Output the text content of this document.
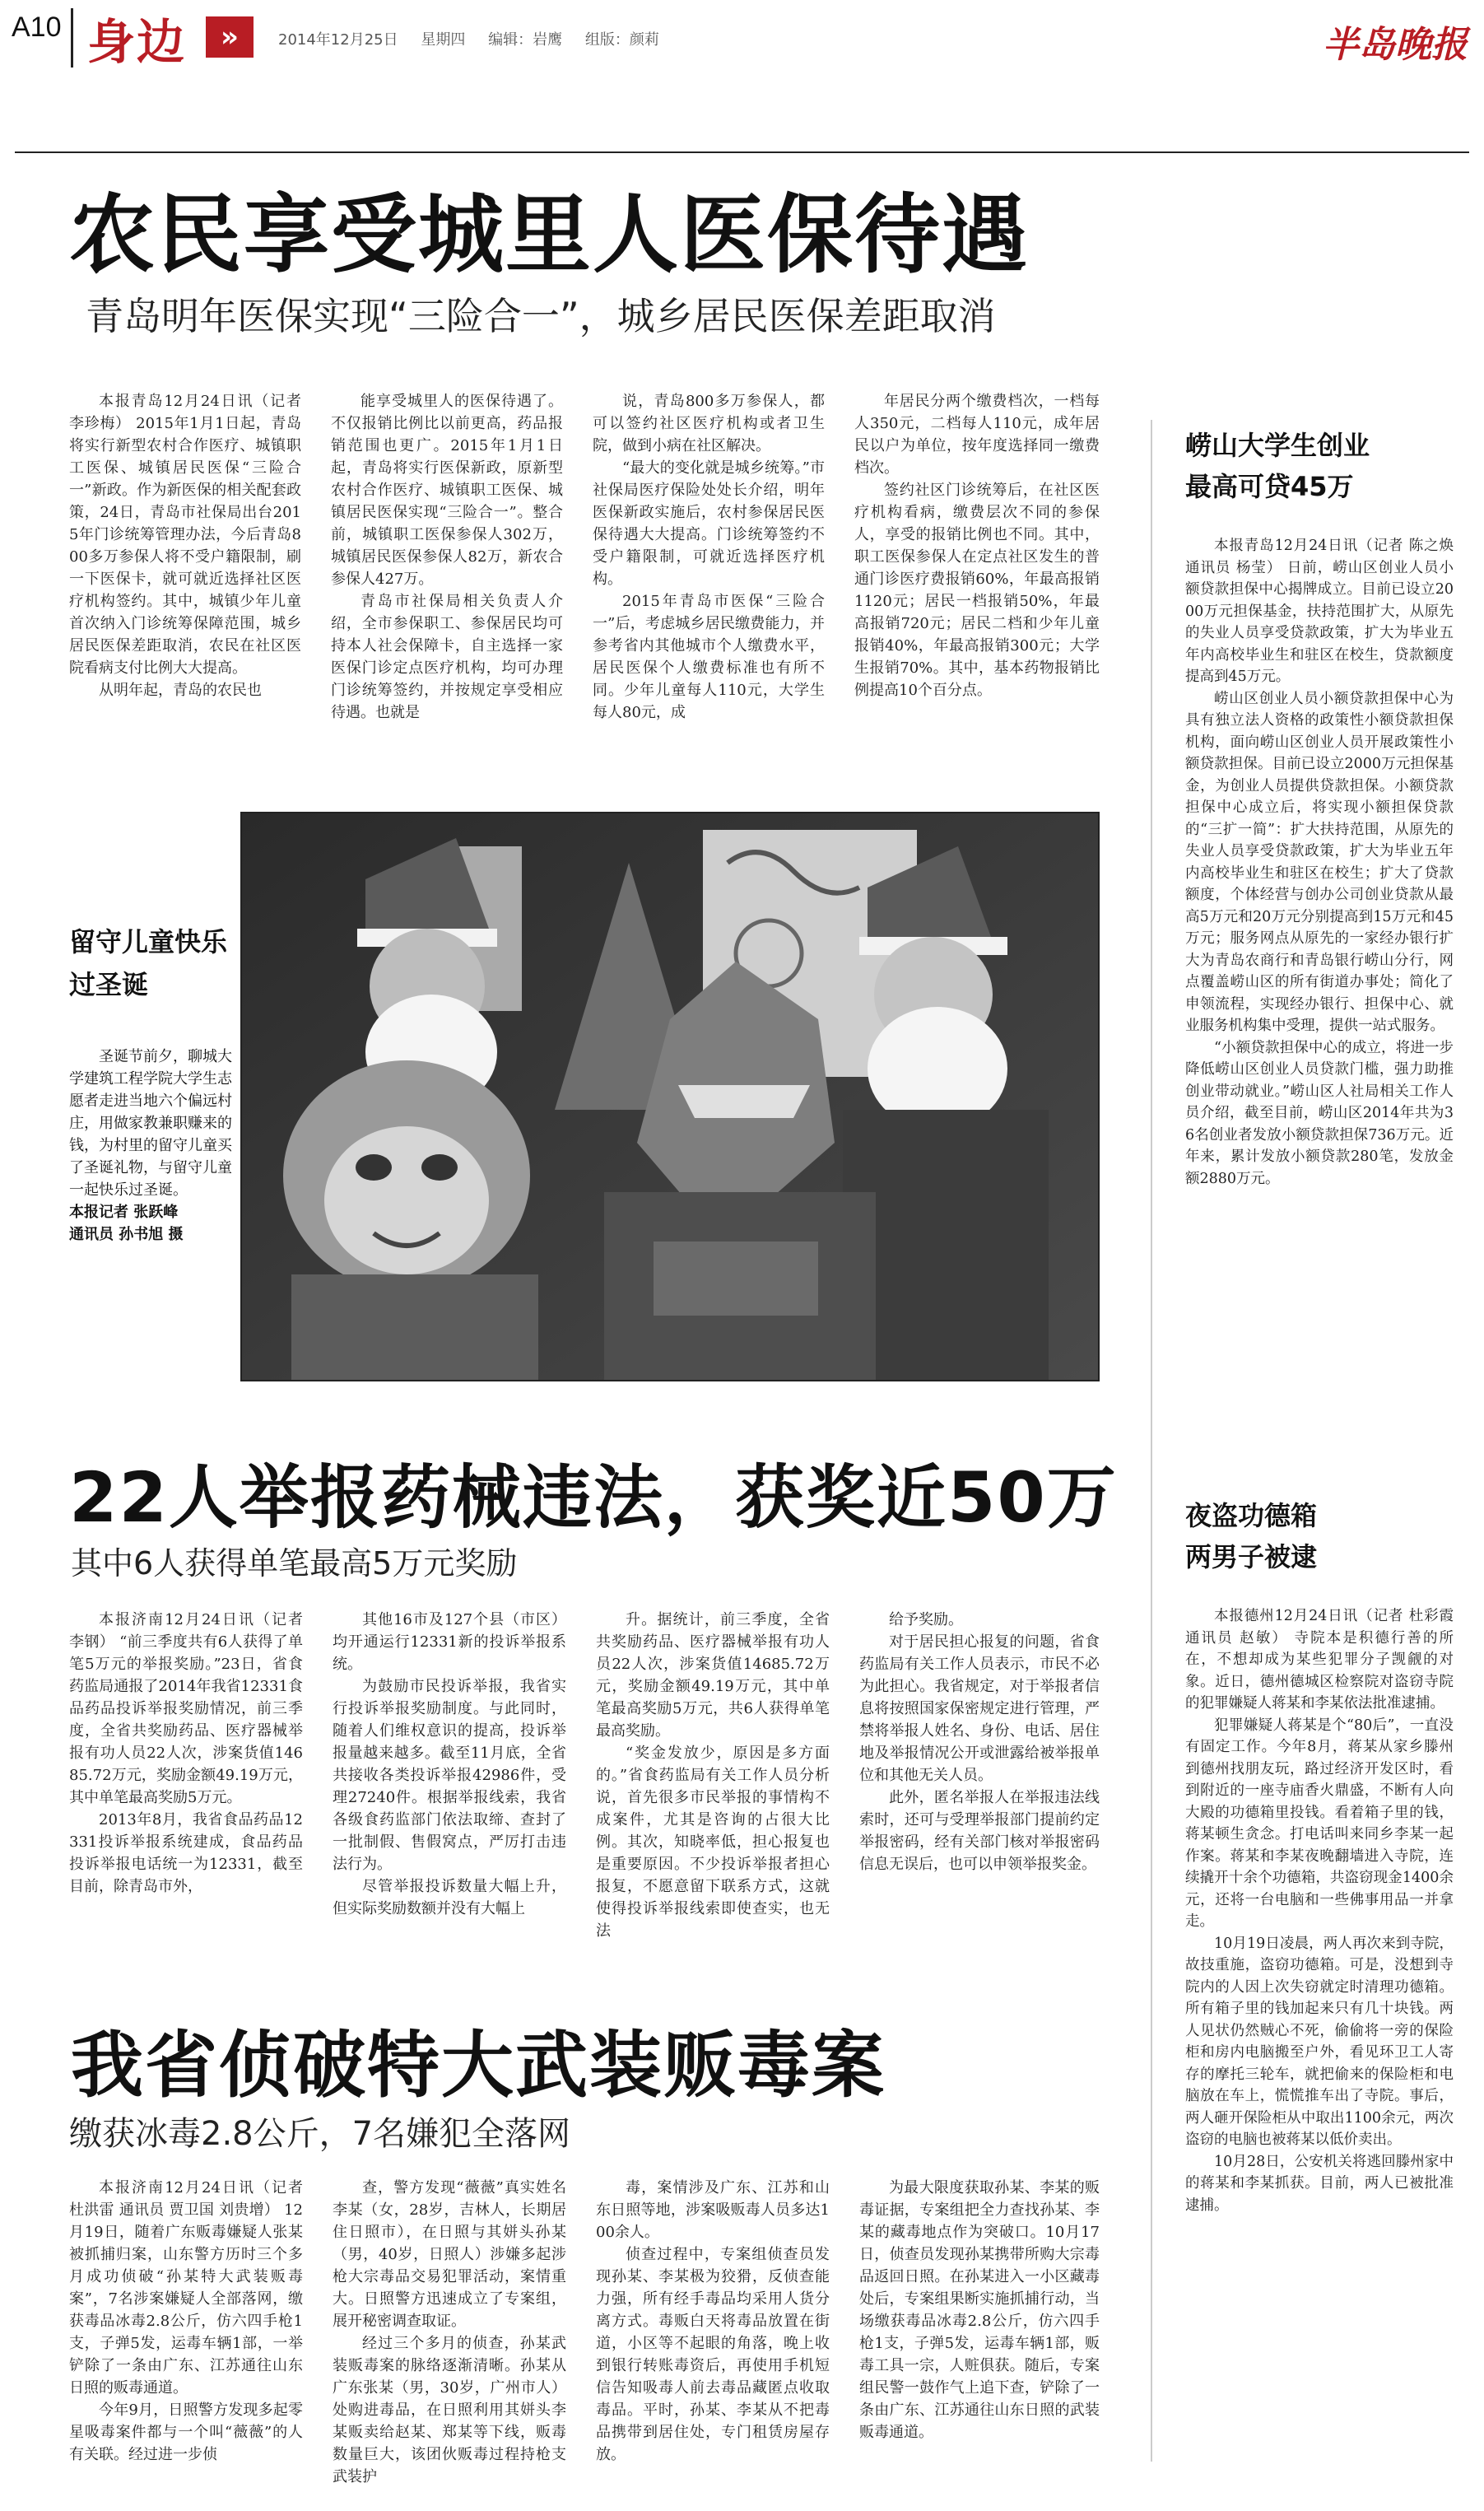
A10 身边	»	2014年12月25日 星期四 编辑：岩鹰 组版：颜莉	半岛晚报
农民享受城里人医保待遇
青岛明年医保实现“三险合一”，城乡居民医保差距取消

本报青岛12月24日讯（记者 李珍梅） 2015年1月1日起，青岛将实行新型农村合作医疗、城镇职工医保、城镇居民医保“三险合一”新政。作为新医保的相关配套政策，24日，青岛市社保局出台2015年门诊统筹管理办法，今后青岛800多万参保人将不受户籍限制，刷一下医保卡，就可就近选择社区医疗机构签约。其中，城镇少年儿童首次纳入门诊统筹保障范围，城乡居民医保差距取消，农民在社区医院看病支付比例大大提高。

从明年起，青岛的农民也

能享受城里人的医保待遇了。不仅报销比例比以前更高，药品报销范围也更广。2015年1月1日起，青岛将实行医保新政，原新型农村合作医疗、城镇职工医保、城镇居民医保实现“三险合一”。整合前，城镇职工医保参保人302万，城镇居民医保参保人82万，新农合参保人427万。

青岛市社保局相关负责人介绍，全市参保职工、参保居民均可持本人社会保障卡，自主选择一家医保门诊定点医疗机构，均可办理门诊统筹签约，并按规定享受相应待遇。也就是

说，青岛800多万参保人，都可以签约社区医疗机构或者卫生院，做到小病在社区解决。

“最大的变化就是城乡统筹。”市社保局医疗保险处处长介绍，明年医保新政实施后，农村参保居民医保待遇大大提高。门诊统筹签约不受户籍限制，可就近选择医疗机构。

2015年青岛市医保“三险合一”后，考虑城乡居民缴费能力，并参考省内其他城市个人缴费水平，居民医保个人缴费标准也有所不同。少年儿童每人110元，大学生每人80元，成

年居民分两个缴费档次，一档每人350元，二档每人110元，成年居民以户为单位，按年度选择同一缴费档次。

签约社区门诊统筹后，在社区医疗机构看病，缴费层次不同的参保人，享受的报销比例也不同。其中，职工医保参保人在定点社区发生的普通门诊医疗费报销60%，年最高报销1120元；居民一档报销50%，年最高报销720元；居民二档和少年儿童报销40%，年最高报销300元；大学生报销70%。其中，基本药物报销比例提高10个百分点。

留守儿童快乐过圣诞

圣诞节前夕，聊城大学建筑工程学院大学生志愿者走进当地六个偏远村庄，用做家教兼职赚来的钱，为村里的留守儿童买了圣诞礼物，与留守儿童一起快乐过圣诞。

本报记者 张跃峰
通讯员 孙书旭 摄
22人举报药械违法，获奖近50万
其中6人获得单笔最高5万元奖励

本报济南12月24日讯（记者 李钢） “前三季度共有6人获得了单笔5万元的举报奖励。”23日，省食药监局通报了2014年我省12331食品药品投诉举报奖励情况，前三季度，全省共奖励药品、医疗器械举报有功人员22人次，涉案货值14685.72万元，奖励金额49.19万元，其中单笔最高奖励5万元。

2013年8月，我省食品药品12331投诉举报系统建成，食品药品投诉举报电话统一为12331，截至目前，除青岛市外，

其他16市及127个县（市区）均开通运行12331新的投诉举报系统。

为鼓励市民投诉举报，我省实行投诉举报奖励制度。与此同时，随着人们维权意识的提高，投诉举报量越来越多。截至11月底，全省共接收各类投诉举报42986件，受理27240件。根据举报线索，我省各级食药监部门依法取缔、查封了一批制假、售假窝点，严厉打击违法行为。

尽管举报投诉数量大幅上升，但实际奖励数额并没有大幅上

升。据统计，前三季度，全省共奖励药品、医疗器械举报有功人员22人次，涉案货值14685.72万元，奖励金额49.19万元，其中单笔最高奖励5万元，共6人获得单笔最高奖励。

“奖金发放少，原因是多方面的。”省食药监局有关工作人员分析说，首先很多市民举报的事情构不成案件，尤其是咨询的占很大比例。其次，知晓率低，担心报复也是重要原因。不少投诉举报者担心报复，不愿意留下联系方式，这就使得投诉举报线索即使查实，也无法

给予奖励。

对于居民担心报复的问题，省食药监局有关工作人员表示，市民不必为此担心。我省规定，对于举报者信息将按照国家保密规定进行管理，严禁将举报人姓名、身份、电话、居住地及举报情况公开或泄露给被举报单位和其他无关人员。

此外，匿名举报人在举报违法线索时，还可与受理举报部门提前约定举报密码，经有关部门核对举报密码信息无误后，也可以申领举报奖金。

我省侦破特大武装贩毒案
缴获冰毒2.8公斤，7名嫌犯全落网

本报济南12月24日讯（记者 杜洪雷 通讯员 贾卫国 刘贵增） 12月19日，随着广东贩毒嫌疑人张某被抓捕归案，山东警方历时三个多月成功侦破“孙某特大武装贩毒案”，7名涉案嫌疑人全部落网，缴获毒品冰毒2.8公斤，仿六四手枪1支，子弹5发，运毒车辆1部，一举铲除了一条由广东、江苏通往山东日照的贩毒通道。

今年9月，日照警方发现多起零星吸毒案件都与一个叫“薇薇”的人有关联。经过进一步侦

查，警方发现“薇薇”真实姓名李某（女，28岁，吉林人，长期居住日照市），在日照与其姘头孙某（男，40岁，日照人）涉嫌多起涉枪大宗毒品交易犯罪活动，案情重大。日照警方迅速成立了专案组，展开秘密调查取证。

经过三个多月的侦查，孙某武装贩毒案的脉络逐渐清晰。孙某从广东张某（男，30岁，广州市人）处购进毒品，在日照利用其姘头李某贩卖给赵某、郑某等下线，贩毒数量巨大，该团伙贩毒过程持枪支武装护

毒，案情涉及广东、江苏和山东日照等地，涉案吸贩毒人员多达100余人。

侦查过程中，专案组侦查员发现孙某、李某极为狡猾，反侦查能力强，所有经手毒品均采用人货分离方式。毒贩白天将毒品放置在街道，小区等不起眼的角落，晚上收到银行转账毒资后，再使用手机短信告知吸毒人前去毒品藏匿点收取毒品。平时，孙某、李某从不把毒品携带到居住处，专门租赁房屋存放。

为最大限度获取孙某、李某的贩毒证据，专案组把全力查找孙某、李某的藏毒地点作为突破口。10月17日，侦查员发现孙某携带所购大宗毒品返回日照。在孙某进入一小区藏毒处后，专案组果断实施抓捕行动，当场缴获毒品冰毒2.8公斤，仿六四手枪1支，子弹5发，运毒车辆1部，贩毒工具一宗，人赃俱获。随后，专案组民警一鼓作气上追下查，铲除了一条由广东、江苏通往山东日照的武装贩毒通道。

崂山大学生创业
最高可贷45万

本报青岛12月24日讯（记者 陈之焕 通讯员 杨莹） 日前，崂山区创业人员小额贷款担保中心揭牌成立。目前已设立2000万元担保基金，扶持范围扩大，从原先的失业人员享受贷款政策，扩大为毕业五年内高校毕业生和驻区在校生，贷款额度提高到45万元。

崂山区创业人员小额贷款担保中心为具有独立法人资格的政策性小额贷款担保机构，面向崂山区创业人员开展政策性小额贷款担保。目前已设立2000万元担保基金，为创业人员提供贷款担保。小额贷款担保中心成立后，将实现小额担保贷款的“三扩一简”：扩大扶持范围，从原先的失业人员享受贷款政策，扩大为毕业五年内高校毕业生和驻区在校生；扩大了贷款额度，个体经营与创办公司创业贷款从最高5万元和20万元分别提高到15万元和45万元；服务网点从原先的一家经办银行扩大为青岛农商行和青岛银行崂山分行，网点覆盖崂山区的所有街道办事处；简化了申领流程，实现经办银行、担保中心、就业服务机构集中受理，提供一站式服务。

“小额贷款担保中心的成立，将进一步降低崂山区创业人员贷款门槛，强力助推创业带动就业。”崂山区人社局相关工作人员介绍，截至目前，崂山区2014年共为36名创业者发放小额贷款担保736万元。近年来，累计发放小额贷款280笔，发放金额2880万元。

夜盗功德箱
两男子被逮

本报德州12月24日讯（记者 杜彩霞 通讯员 赵敏） 寺院本是积德行善的所在，不想却成为某些犯罪分子觊觎的对象。近日，德州德城区检察院对盗窃寺院的犯罪嫌疑人蒋某和李某依法批准逮捕。

犯罪嫌疑人蒋某是个“80后”，一直没有固定工作。今年8月，蒋某从家乡滕州到德州找朋友玩，路过经济开发区时，看到附近的一座寺庙香火鼎盛，不断有人向大殿的功德箱里投钱。看着箱子里的钱，蒋某顿生贪念。打电话叫来同乡李某一起作案。蒋某和李某夜晚翻墙进入寺院，连续撬开十余个功德箱，共盗窃现金1400余元，还将一台电脑和一些佛事用品一并拿走。

10月19日凌晨，两人再次来到寺院，故技重施，盗窃功德箱。可是，没想到寺院内的人因上次失窃就定时清理功德箱。所有箱子里的钱加起来只有几十块钱。两人见状仍然贼心不死，偷偷将一旁的保险柜和房内电脑搬至户外，看见环卫工人寄存的摩托三轮车，就把偷来的保险柜和电脑放在车上，慌慌推车出了寺院。事后，两人砸开保险柜从中取出1100余元，两次盗窃的电脑也被蒋某以低价卖出。

10月28日，公安机关将逃回滕州家中的蒋某和李某抓获。目前，两人已被批准逮捕。
